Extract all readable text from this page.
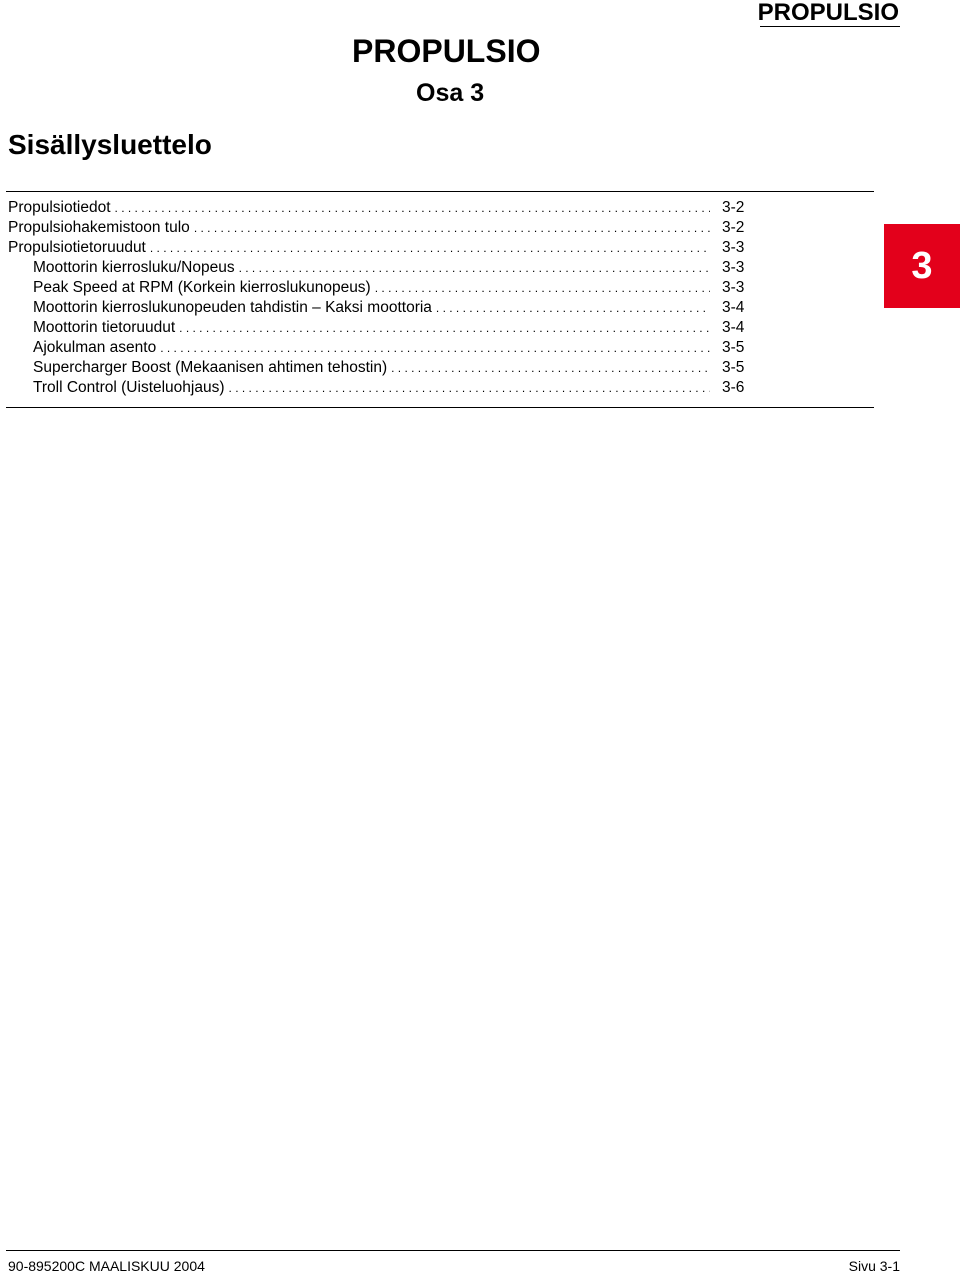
PROPULSIO
PROPULSIO
Osa 3
Sisällysluettelo
Propulsiotiedot . . .	3-2
Propulsiohakemistoon tulo . . .	3-2
Propulsiotietoruudut . . .	3-3
Moottorin kierrosluku/Nopeus . . .	3-3
Peak Speed at RPM (Korkein kierroslukunopeus) . . .	3-3
Moottorin kierroslukunopeuden tahdistin – Kaksi moottoria . . .	3-4
Moottorin tietoruudut . . .	3-4
Ajokulman asento . . .	3-5
Supercharger Boost (Mekaanisen ahtimen tehostin) . . .	3-5
Troll Control (Uisteluohjaus) . . .	3-6
3
90-895200C MAALISKUU 2004	Sivu 3-1
